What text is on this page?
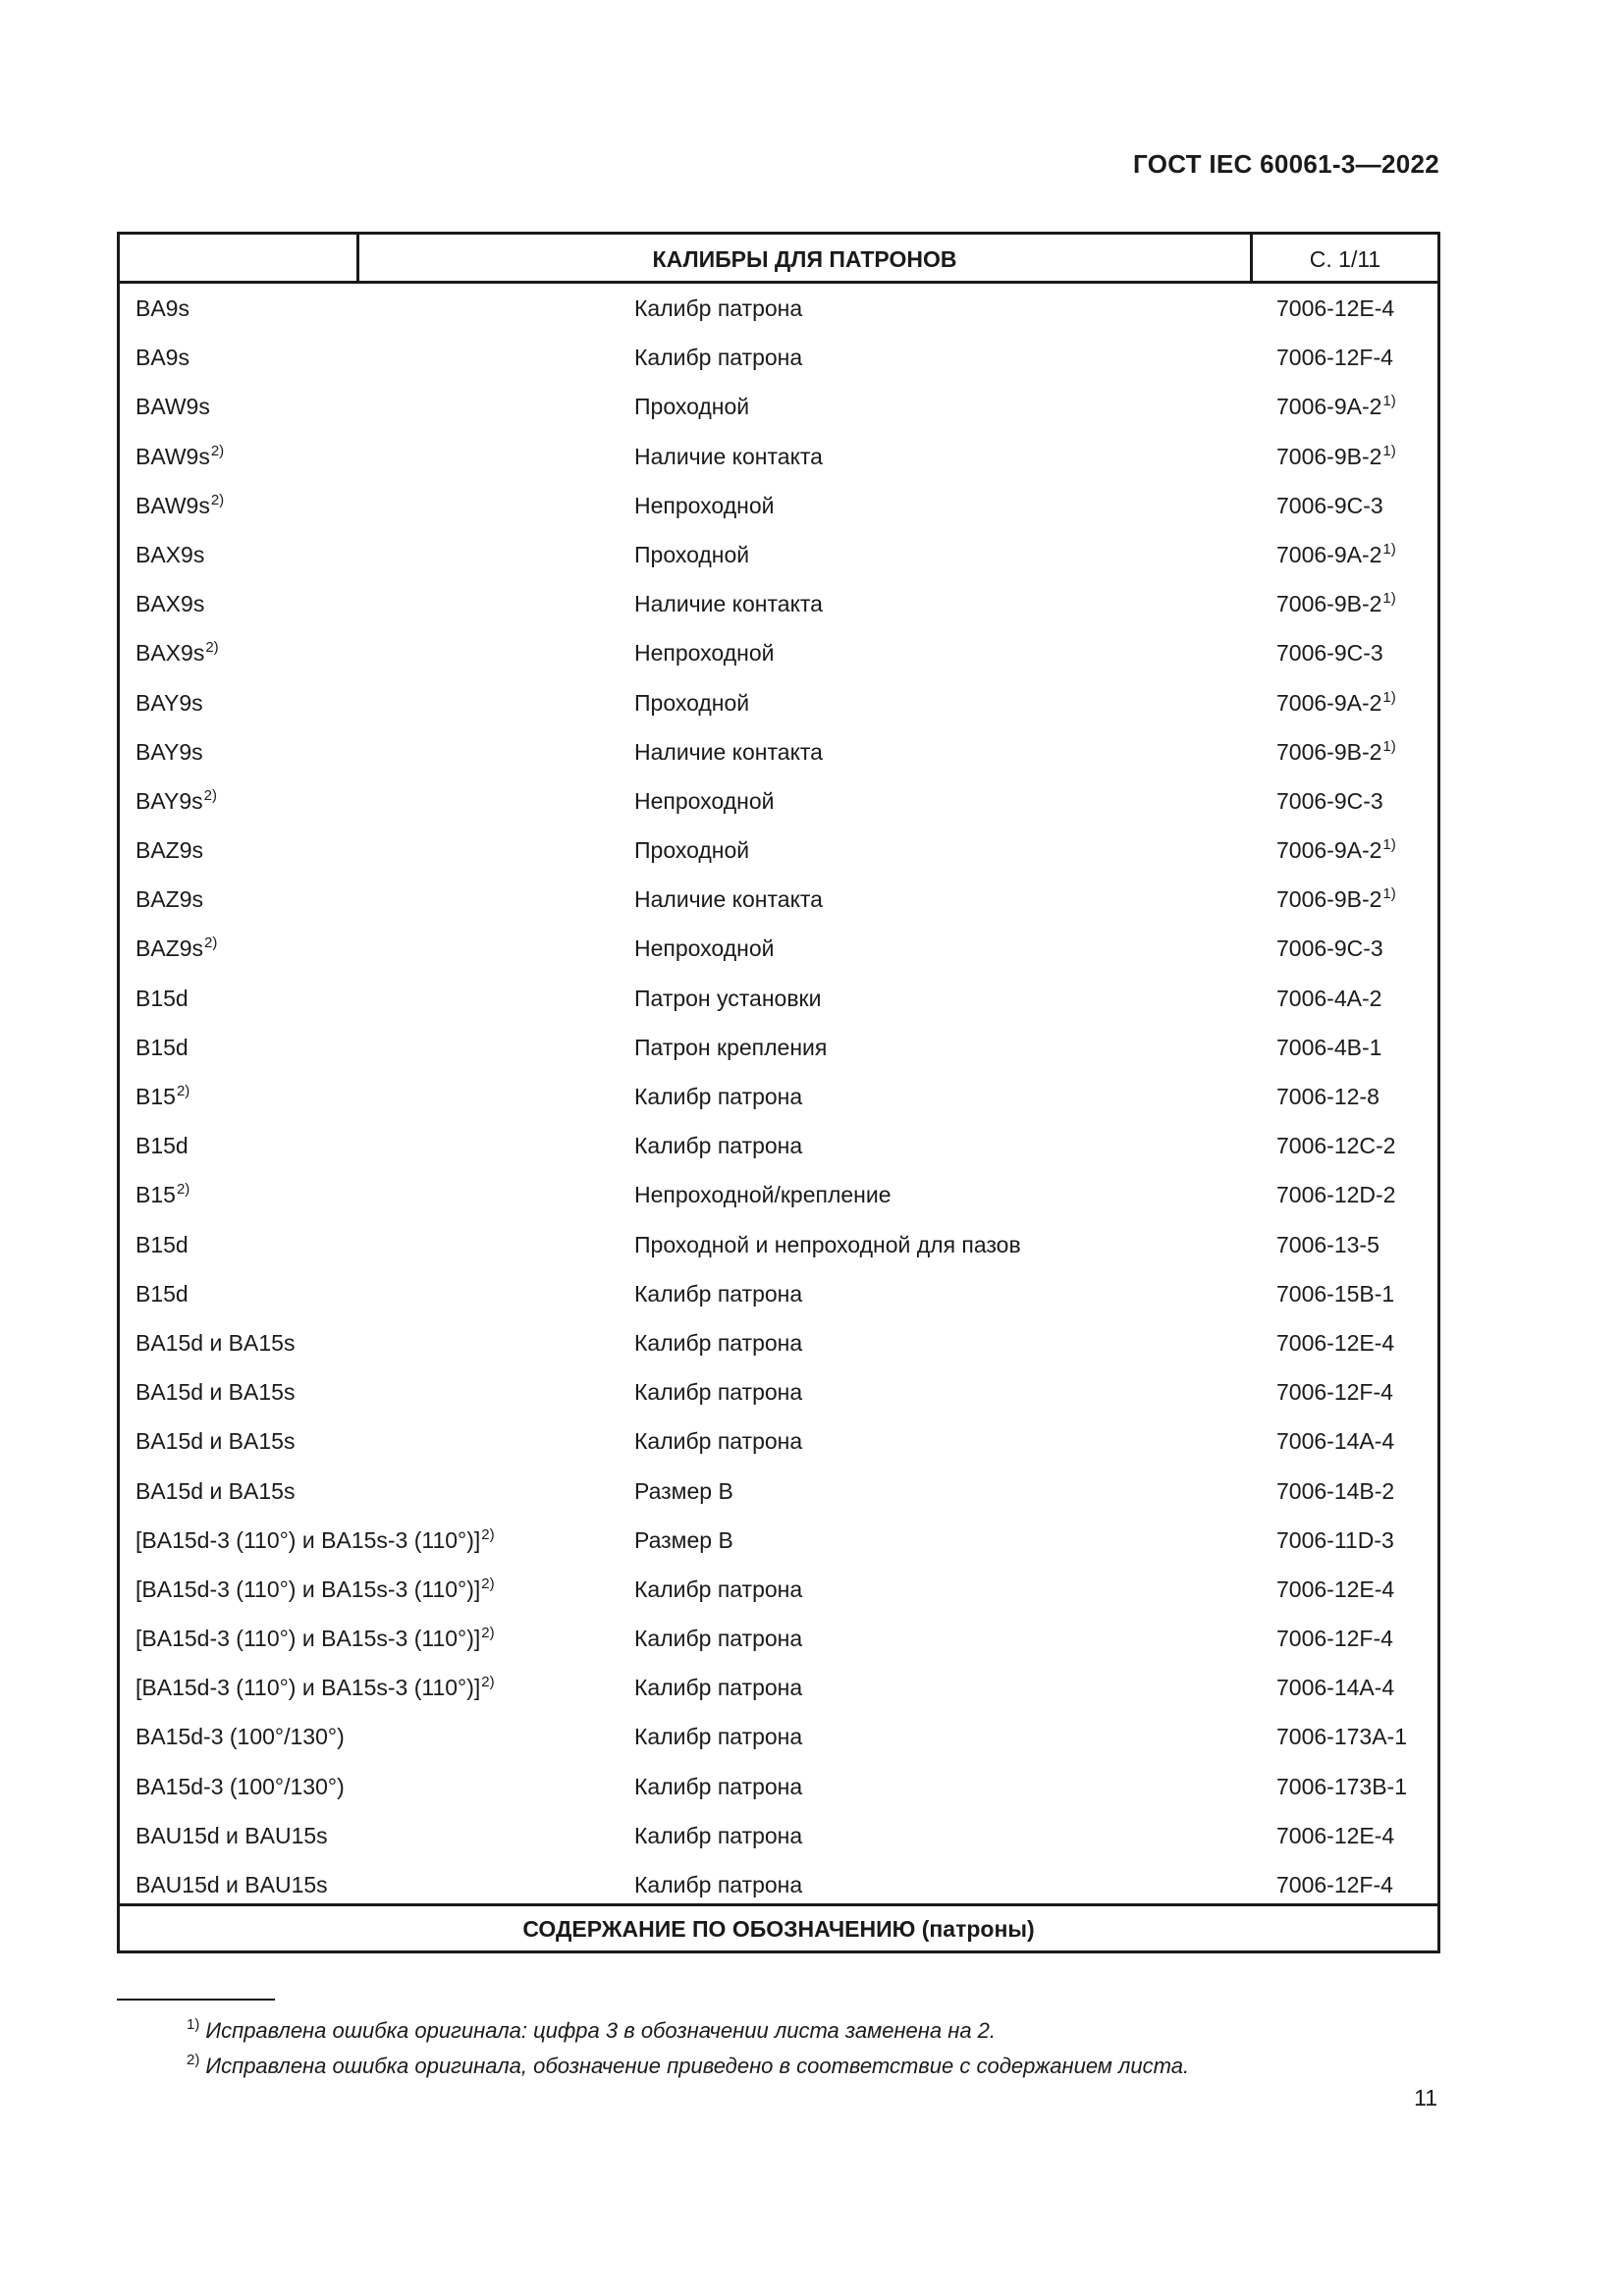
ГОСТ IEC 60061-3—2022
КАЛИБРЫ ДЛЯ ПАТРОНОВ	С. 1/11
BA9s	Калибр патрона	7006-12E-4
BA9s	Калибр патрона	7006-12F-4
BAW9s	Проходной	7006-9A-2$^{1)}$
$BAW9s^{2)}$	Наличие контакта	7006-9B-2$^{1)}$
$BAW9s^{2)}$	Непроходной	7006-9C-3
BAX9s	Проходной	7006-9A-2$^{1)}$
BAX9s	Наличие контакта	7006-9B-2$^{1)}$
$BAX9s^{2)}$	Непроходной	7006-9C-3
BAY9s	Проходной	7006-9A-2$^{1)}$
BAY9s	Наличие контакта	7006-9B-2$^{1)}$
$BAY9s^{2)}$	Непроходной	7006-9C-3
BAZ9s	Проходной	7006-9A-2$^{1)}$
BAZ9s	Наличие контакта	7006-9B-2$^{1)}$
$BAZ9s^{2)}$	Непроходной	7006-9C-3
B15d	Патрон установки	7006-4A-2
B15d	Патрон крепления	7006-4B-1
B15$^{2)}$	Калибр патрона	7006-12-8
B15d	Калибр патрона	7006-12C-2
B15$^{2)}$	Непроходной/крепление	7006-12D-2
B15d	Проходной и непроходной для пазов	7006-13-5
B15d	Калибр патрона	7006-15B-1
BA15d и BA15s	Калибр патрона	7006-12E-4
BA15d и BA15s	Калибр патрона	7006-12F-4
BA15d и BA15s	Калибр патрона	7006-14A-4
BA15d и BA15s	Размер В	7006-14B-2
[BA15d-3 (110°) и BA15s-3 (110°)]$^{2)}$	Размер В	7006-11D-3
[BA15d-3 (110°) и BA15s-3 (110°)]$^{2)}$	Калибр патрона	7006-12E-4
[BA15d-3 (110°) и BA15s-3 (110°)]$^{2)}$	Калибр патрона	7006-12F-4
[BA15d-3 (110°) и BA15s-3 (110°)]$^{2)}$	Калибр патрона	7006-14A-4
BA15d-3 (100°/130°)	Калибр патрона	7006-173A-1
BA15d-3 (100°/130°)	Калибр патрона	7006-173B-1
BAU15d и BAU15s	Калибр патрона	7006-12E-4
BAU15d и BAU15s	Калибр патрона	7006-12F-4
СОДЕРЖАНИЕ ПО ОБОЗНАЧЕНИЮ (патроны)
$^{1)}$ Исправлена ошибка оригинала: цифра 3 в обозначении листа заменена на 2.
$^{2)}$ Исправлена ошибка оригинала, обозначение приведено в соответствие с содержанием листа.
11
